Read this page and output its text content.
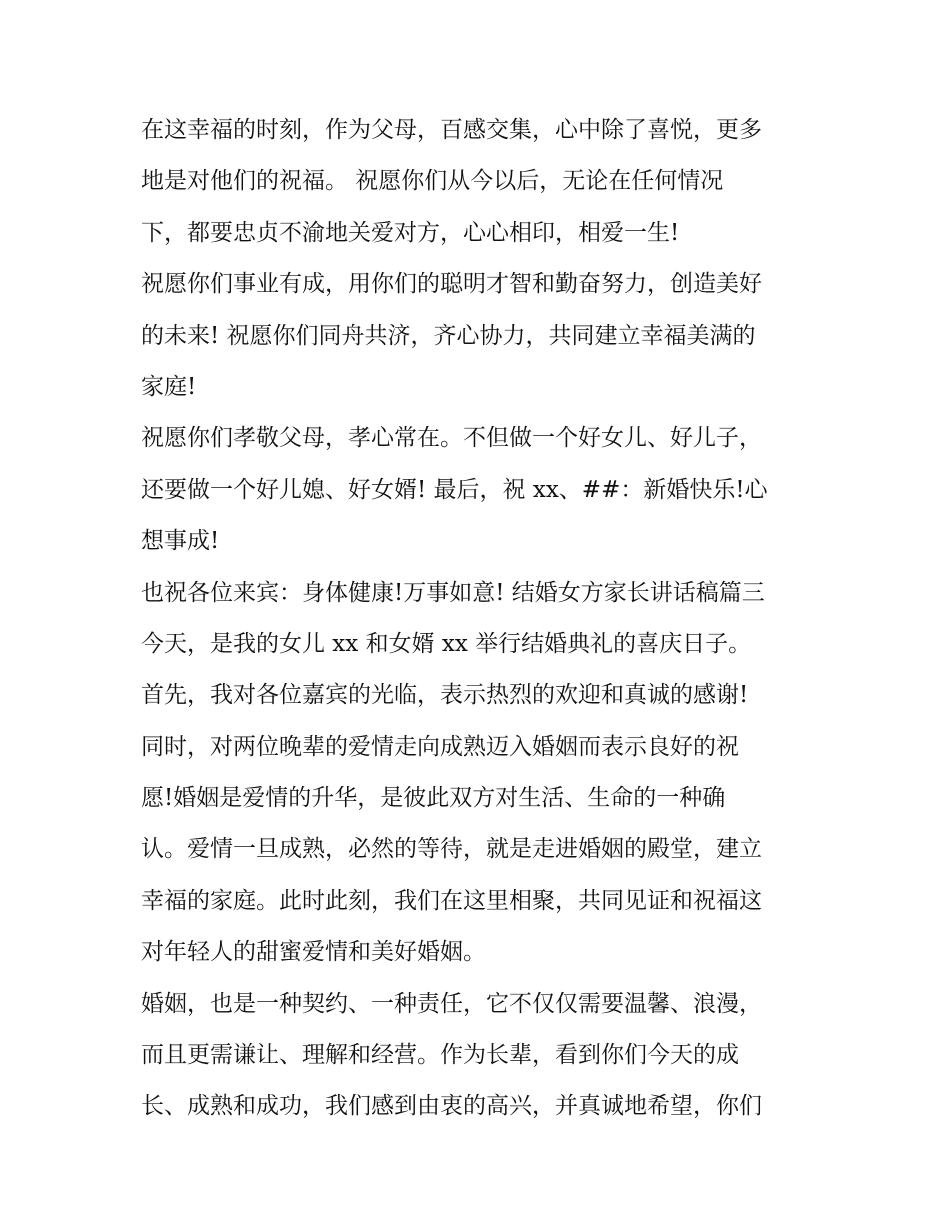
在这幸福的时刻，作为父母，百感交集，心中除了喜悦，更多
地是对他们的祝福。 祝愿你们从今以后，无论在任何情况
下，都要忠贞不渝地关爱对方，心心相印，相爱一生!
祝愿你们事业有成，用你们的聪明才智和勤奋努力，创造美好
的未来! 祝愿你们同舟共济，齐心协力，共同建立幸福美满的
家庭!
祝愿你们孝敬父母，孝心常在。不但做一个好女儿、好儿子，
还要做一个好儿媳、好女婿! 最后，祝 xx、##：新婚快乐!心
想事成!
也祝各位来宾：身体健康!万事如意! 结婚女方家长讲话稿篇三
今天，是我的女儿 xx 和女婿 xx 举行结婚典礼的喜庆日子。
首先，我对各位嘉宾的光临，表示热烈的欢迎和真诚的感谢!
同时，对两位晚辈的爱情走向成熟迈入婚姻而表示良好的祝
愿!婚姻是爱情的升华，是彼此双方对生活、生命的一种确
认。爱情一旦成熟，必然的等待，就是走进婚姻的殿堂，建立
幸福的家庭。此时此刻，我们在这里相聚，共同见证和祝福这
对年轻人的甜蜜爱情和美好婚姻。
婚姻，也是一种契约、一种责任，它不仅仅需要温馨、浪漫，
而且更需谦让、理解和经营。作为长辈，看到你们今天的成
长、成熟和成功，我们感到由衷的高兴，并真诚地希望，你们
